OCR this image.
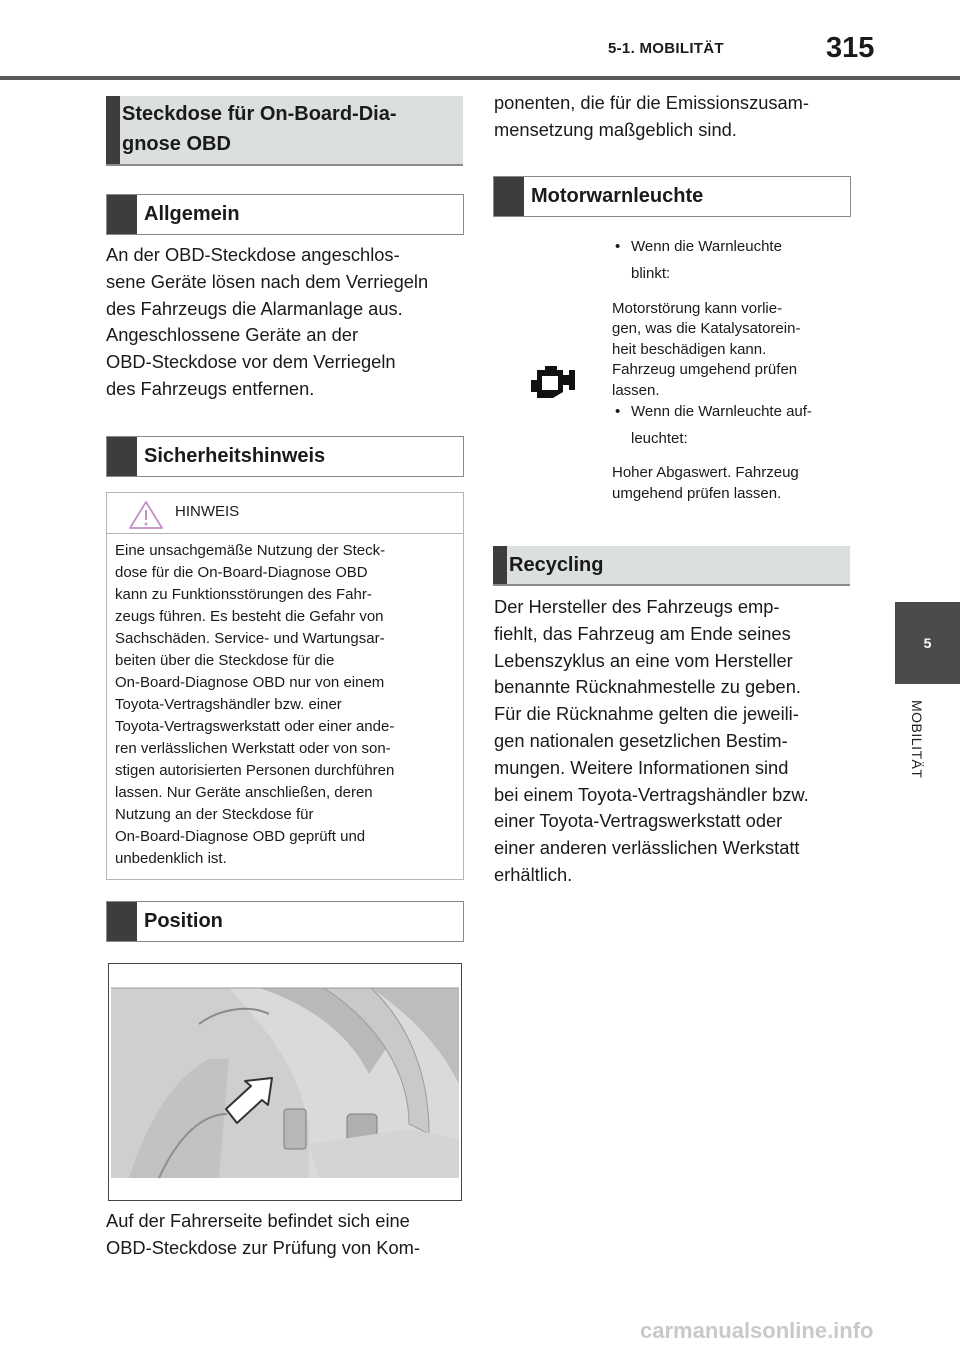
5-1. MOBILITÄT	315
5
MOBILITÄT
Steckdose für On-Board-Dia-
gnose OBD
Allgemein
An der OBD-Steckdose angeschlos-
sene Geräte lösen nach dem Verriegeln
des Fahrzeugs die Alarmanlage aus.
Angeschlossene Geräte an der
OBD-Steckdose vor dem Verriegeln
des Fahrzeugs entfernen.
Sicherheitshinweis
HINWEIS
Eine unsachgemäße Nutzung der Steck-
dose für die On-Board-Diagnose OBD
kann zu Funktionsstörungen des Fahr-
zeugs führen. Es besteht die Gefahr von
Sachschäden. Service- und Wartungsar-
beiten über die Steckdose für die
On-Board-Diagnose OBD nur von einem
Toyota-Vertragshändler bzw. einer
Toyota-Vertragswerkstatt oder einer ande-
ren verlässlichen Werkstatt oder von son-
stigen autorisierten Personen durchführen
lassen. Nur Geräte anschließen, deren
Nutzung an der Steckdose für
On-Board-Diagnose OBD geprüft und
unbedenklich ist.
Position
Auf der Fahrerseite befindet sich eine
OBD-Steckdose zur Prüfung von Kom-
ponenten, die für die Emissionszusam-
mensetzung maßgeblich sind.
Motorwarnleuchte
• Wenn die Warnleuchte
blinkt:
Motorstörung kann vorlie-
gen, was die Katalysatorein-
heit beschädigen kann.
Fahrzeug umgehend prüfen
lassen.
• Wenn die Warnleuchte auf-
leuchtet:
Hoher Abgaswert. Fahrzeug
umgehend prüfen lassen.
Recycling
Der Hersteller des Fahrzeugs emp-
fiehlt, das Fahrzeug am Ende seines
Lebenszyklus an eine vom Hersteller
benannte Rücknahmestelle zu geben.
Für die Rücknahme gelten die jeweili-
gen nationalen gesetzlichen Bestim-
mungen. Weitere Informationen sind
bei einem Toyota-Vertragshändler bzw.
einer Toyota-Vertragswerkstatt oder
einer anderen verlässlichen Werkstatt
erhältlich.
carmanualsonline.info
